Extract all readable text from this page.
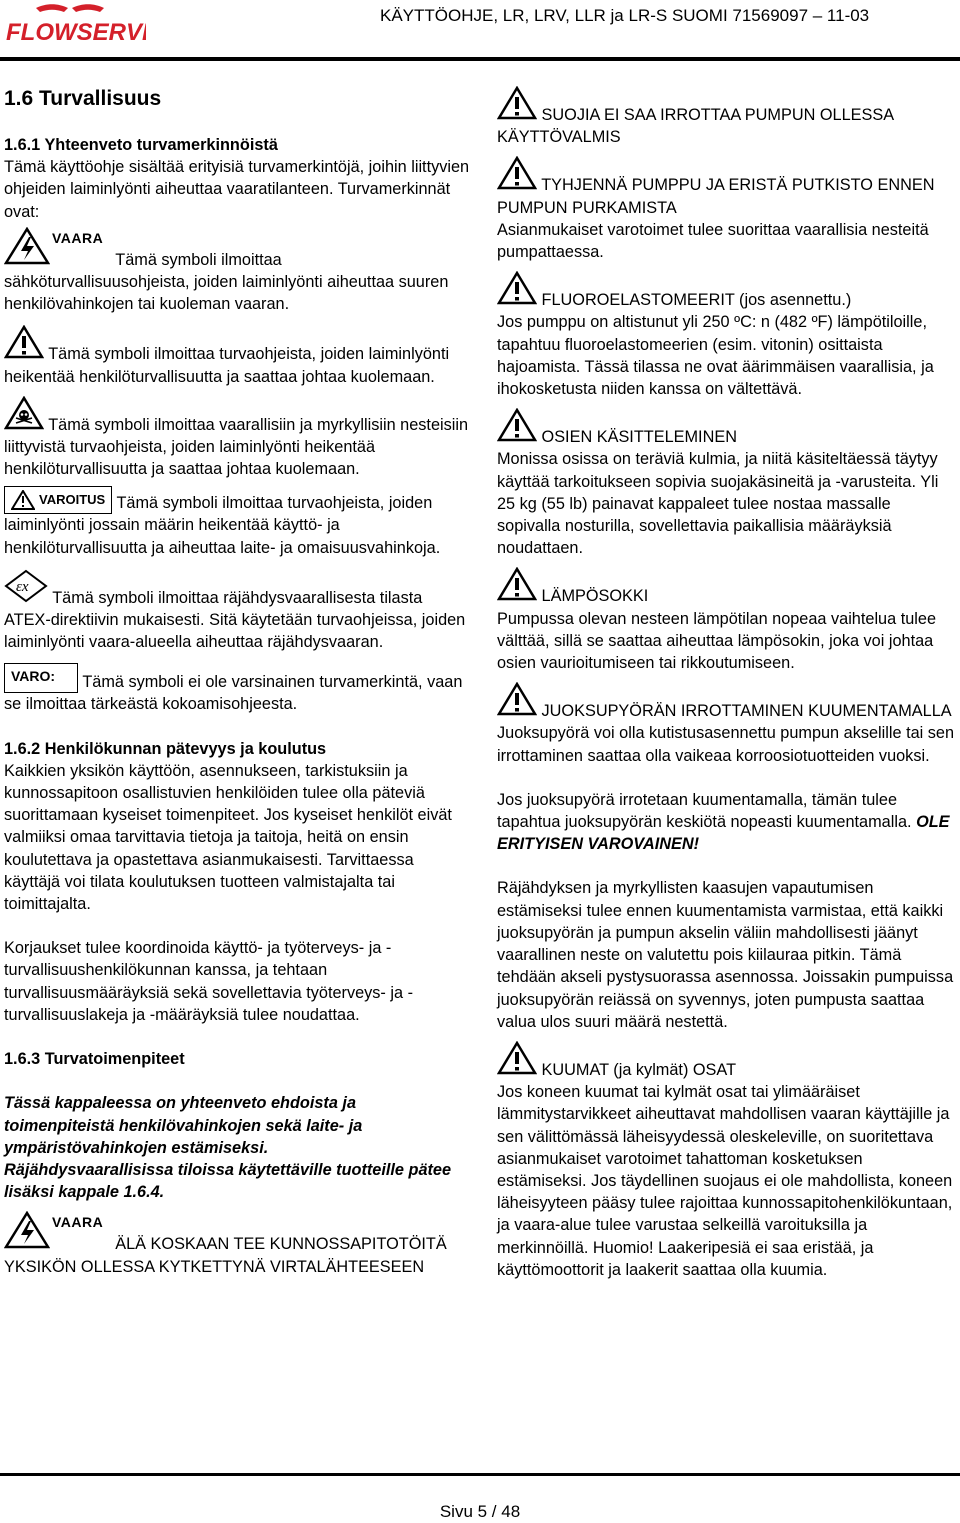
FLOWSERVE
KÄYTTÖOHJE, LR, LRV, LLR ja LR-S SUOMI 71569097 – 11-03
1.6 Turvallisuus
1.6.1 Yhteenveto turvamerkinnöistä

Tämä käyttöohje sisältää erityisiä turvamerkintöjä, joihin liittyvien ohjeiden laiminlyönti aiheuttaa vaaratilanteen. Turvamerkinnät ovat:

VAARATämä symboli ilmoittaa sähköturvallisuusohjeista, joiden laiminlyönti aiheuttaa suuren henkilövahinkojen tai kuoleman vaaran.

Tämä symboli ilmoittaa turvaohjeista, joiden laiminlyönti heikentää henkilöturvallisuutta ja saattaa johtaa kuolemaan.

Tämä symboli ilmoittaa vaarallisiin ja myrkyllisiin nesteisiin liittyvistä turvaohjeista, joiden laiminlyönti heikentää henkilöturvallisuutta ja saattaa johtaa kuolemaan.

VAROITUS Tämä symboli ilmoittaa turvaohjeista, joiden laiminlyönti jossain määrin heikentää käyttö- ja henkilöturvallisuutta ja aiheuttaa laite- ja omaisuusvahinkoja.

εx
Tämä symboli ilmoittaa räjähdysvaarallisesta tilasta ATEX-direktiivin mukaisesti. Sitä käytetään turvaohjeissa, joiden laiminlyönti vaara-alueella aiheuttaa räjähdysvaaran.

VARO: Tämä symboli ei ole varsinainen turvamerkintä, vaan se ilmoittaa tärkeästä kokoamisohjeesta.

1.6.2 Henkilökunnan pätevyys ja koulutus

Kaikkien yksikön käyttöön, asennukseen, tarkistuksiin ja kunnossapitoon osallistuvien henkilöiden tulee olla päteviä suorittamaan kyseiset toimenpiteet. Jos kyseiset henkilöt eivät valmiiksi omaa tarvittavia tietoja ja taitoja, heitä on ensin koulutettava ja opastettava asianmukaisesti. Tarvittaessa käyttäjä voi tilata koulutuksen tuotteen valmistajalta tai toimittajalta.

Korjaukset tulee koordinoida käyttö- ja työterveys- ja -turvallisuushenkilökunnan kanssa, ja tehtaan turvallisuusmääräyksiä sekä sovellettavia työterveys- ja -turvallisuuslakeja ja -määräyksiä tulee noudattaa.

1.6.3 Turvatoimenpiteet

Tässä kappaleessa on yhteenveto ehdoista ja toimenpiteistä henkilövahinkojen sekä laite- ja ympäristövahinkojen estämiseksi.

Räjähdysvaarallisissa tiloissa käytettäville tuotteille pätee lisäksi kappale 1.6.4.

VAARAÄLÄ KOSKAAN TEE KUNNOSSAPITOTÖITÄ YKSIKÖN OLLESSA KYTKETTYNÄ VIRTALÄHTEESEEN

SUOJIA EI SAA IRROTTAA PUMPUN OLLESSA KÄYTTÖVALMIS

TYHJENNÄ PUMPPU JA ERISTÄ PUTKISTO ENNEN PUMPUN PURKAMISTA

Asianmukaiset varotoimet tulee suorittaa vaarallisia nesteitä pumpattaessa.

FLUOROELASTOMEERIT (jos asennettu.)

Jos pumppu on altistunut yli 250 ºC: n (482 ºF) lämpötiloille, tapahtuu fluoroelastomeerien (esim. vitonin) osittaista hajoamista. Tässä tilassa ne ovat äärimmäisen vaarallisia, ja ihokosketusta niiden kanssa on vältettävä.

OSIEN KÄSITTELEMINEN

Monissa osissa on teräviä kulmia, ja niitä käsiteltäessä täytyy käyttää tarkoitukseen sopivia suojakäsineitä ja -varusteita. Yli 25 kg (55 lb) painavat kappaleet tulee nostaa massalle sopivalla nosturilla, sovellettavia paikallisia määräyksiä noudattaen.

LÄMPÖSOKKI

Pumpussa olevan nesteen lämpötilan nopeaa vaihtelua tulee välttää, sillä se saattaa aiheuttaa lämpösokin, joka voi johtaa osien vaurioitumiseen tai rikkoutumiseen.

JUOKSUPYÖRÄN IRROTTAMINEN KUUMENTAMALLA

Juoksupyörä voi olla kutistusasennettu pumpun akselille tai sen irrottaminen saattaa olla vaikeaa korroosiotuotteiden vuoksi.

Jos juoksupyörä irrotetaan kuumentamalla, tämän tulee tapahtua juoksupyörän keskiötä nopeasti kuumentamalla. OLE ERITYISEN VAROVAINEN!

Räjähdyksen ja myrkyllisten kaasujen vapautumisen estämiseksi tulee ennen kuumentamista varmistaa, että kaikki juoksupyörän ja pumpun akselin väliin mahdollisesti jäänyt vaarallinen neste on valutettu pois kiilauraa pitkin. Tämä tehdään akseli pystysuorassa asennossa. Joissakin pumpuissa juoksupyörän reiässä on syvennys, joten pumpusta saattaa valua ulos suuri määrä nestettä.

KUUMAT (ja kylmät) OSAT

Jos koneen kuumat tai kylmät osat tai ylimääräiset lämmitystarvikkeet aiheuttavat mahdollisen vaaran käyttäjille ja sen välittömässä läheisyydessä oleskeleville, on suoritettava asianmukaiset varotoimet tahattoman kosketuksen estämiseksi. Jos täydellinen suojaus ei ole mahdollista, koneen läheisyyteen pääsy tulee rajoittaa kunnossapitohenkilökuntaan, ja vaara-alue tulee varustaa selkeillä varoituksilla ja merkinnöillä. Huomio! Laakeripesiä ei saa eristää, ja käyttömoottorit ja laakerit saattaa olla kuumia.

Sivu 5 / 48
